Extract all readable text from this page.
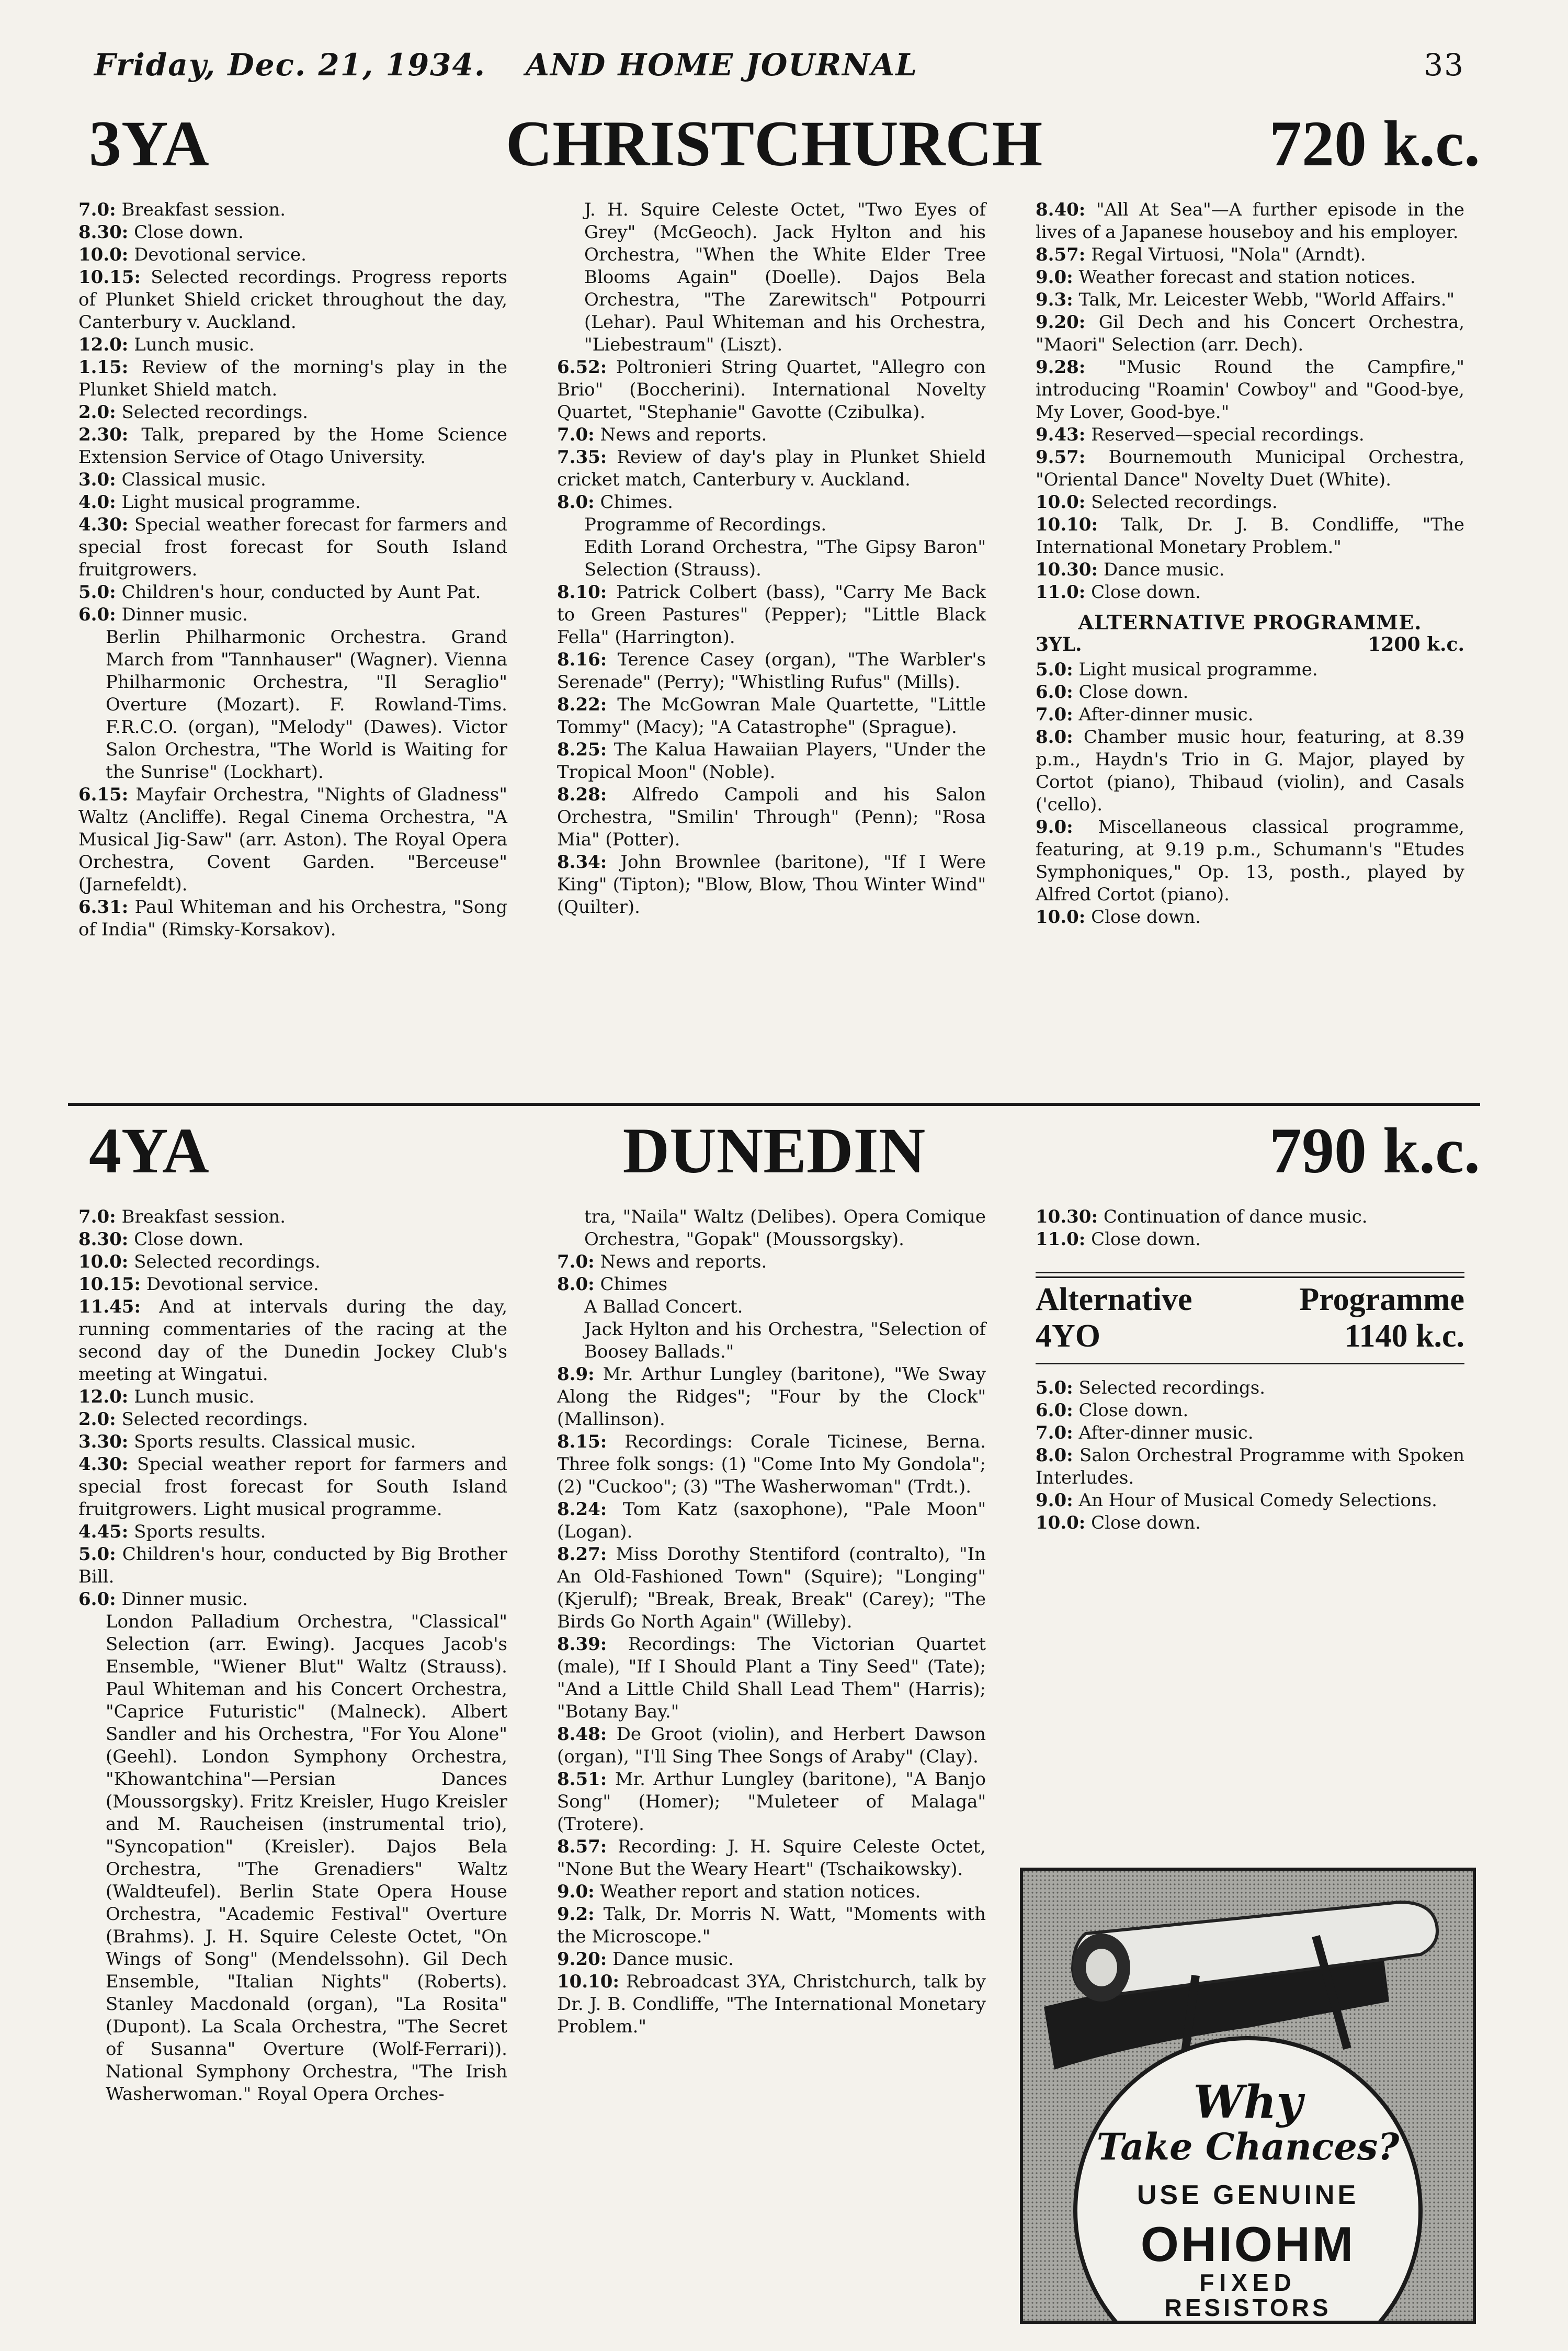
Friday, Dec. 21, 1934. AND HOME JOURNAL	33
3YA	CHRISTCHURCH	720 k.c.

7.0: Breakfast session.

8.30: Close down.

10.0: Devotional service.

10.15: Selected recordings. Progress reports of Plunket Shield cricket throughout the day, Canterbury v. Auckland.

12.0: Lunch music.

1.15: Review of the morning's play in the Plunket Shield match.

2.0: Selected recordings.

2.30: Talk, prepared by the Home Science Extension Service of Otago University.

3.0: Classical music.

4.0: Light musical programme.

4.30: Special weather forecast for farmers and special frost forecast for South Island fruitgrowers.

5.0: Children's hour, conducted by Aunt Pat.

6.0: Dinner music.

Berlin Philharmonic Orchestra. Grand March from "Tannhauser" (Wagner). Vienna Philharmonic Orchestra, "Il Seraglio" Overture (Mozart). F. Rowland-Tims. F.R.C.O. (organ), "Melody" (Dawes). Victor Salon Orchestra, "The World is Waiting for the Sunrise" (Lockhart).

6.15: Mayfair Orchestra, "Nights of Gladness" Waltz (Ancliffe). Regal Cinema Orchestra, "A Musical Jig-Saw" (arr. Aston). The Royal Opera Orchestra, Covent Garden. "Berceuse" (Jarnefeldt).

6.31: Paul Whiteman and his Orchestra, "Song of India" (Rimsky-Korsakov).

J. H. Squire Celeste Octet, "Two Eyes of Grey" (McGeoch). Jack Hylton and his Orchestra, "When the White Elder Tree Blooms Again" (Doelle). Dajos Bela Orchestra, "The Zarewitsch" Potpourri (Lehar). Paul Whiteman and his Orchestra, "Liebestraum" (Liszt).

6.52: Poltronieri String Quartet, "Allegro con Brio" (Boccherini). International Novelty Quartet, "Stephanie" Gavotte (Czibulka).

7.0: News and reports.

7.35: Review of day's play in Plunket Shield cricket match, Canterbury v. Auckland.

8.0: Chimes.

Programme of Recordings.

Edith Lorand Orchestra, "The Gipsy Baron" Selection (Strauss).

8.10: Patrick Colbert (bass), "Carry Me Back to Green Pastures" (Pepper); "Little Black Fella" (Harrington).

8.16: Terence Casey (organ), "The Warbler's Serenade" (Perry); "Whistling Rufus" (Mills).

8.22: The McGowran Male Quartette, "Little Tommy" (Macy); "A Catastrophe" (Sprague).

8.25: The Kalua Hawaiian Players, "Under the Tropical Moon" (Noble).

8.28: Alfredo Campoli and his Salon Orchestra, "Smilin' Through" (Penn); "Rosa Mia" (Potter).

8.34: John Brownlee (baritone), "If I Were King" (Tipton); "Blow, Blow, Thou Winter Wind" (Quilter).

8.40: "All At Sea"—A further episode in the lives of a Japanese houseboy and his employer.

8.57: Regal Virtuosi, "Nola" (Arndt).

9.0: Weather forecast and station notices.

9.3: Talk, Mr. Leicester Webb, "World Affairs."

9.20: Gil Dech and his Concert Orchestra, "Maori" Selection (arr. Dech).

9.28: "Music Round the Campfire," introducing "Roamin' Cowboy" and "Good-bye, My Lover, Good-bye."

9.43: Reserved—special recordings.

9.57: Bournemouth Municipal Orchestra, "Oriental Dance" Novelty Duet (White).

10.0: Selected recordings.

10.10: Talk, Dr. J. B. Condliffe, "The International Monetary Problem."

10.30: Dance music.

11.0: Close down.

ALTERNATIVE PROGRAMME.
3YL.	1200 k.c.

5.0: Light musical programme.

6.0: Close down.

7.0: After-dinner music.

8.0: Chamber music hour, featuring, at 8.39 p.m., Haydn's Trio in G. Major, played by Cortot (piano), Thibaud (violin), and Casals ('cello).

9.0: Miscellaneous classical programme, featuring, at 9.19 p.m., Schumann's "Etudes Symphoniques," Op. 13, posth., played by Alfred Cortot (piano).

10.0: Close down.

4YA	DUNEDIN	790 k.c.

7.0: Breakfast session.

8.30: Close down.

10.0: Selected recordings.

10.15: Devotional service.

11.45: And at intervals during the day, running commentaries of the racing at the second day of the Dunedin Jockey Club's meeting at Wingatui.

12.0: Lunch music.

2.0: Selected recordings.

3.30: Sports results. Classical music.

4.30: Special weather report for farmers and special frost forecast for South Island fruitgrowers. Light musical programme.

4.45: Sports results.

5.0: Children's hour, conducted by Big Brother Bill.

6.0: Dinner music.

London Palladium Orchestra, "Classical" Selection (arr. Ewing). Jacques Jacob's Ensemble, "Wiener Blut" Waltz (Strauss). Paul Whiteman and his Concert Orchestra, "Caprice Futuristic" (Malneck). Albert Sandler and his Orchestra, "For You Alone" (Geehl). London Symphony Orchestra, "Khowantchina"—Persian Dances (Moussorgsky). Fritz Kreisler, Hugo Kreisler and M. Raucheisen (instrumental trio), "Syncopation" (Kreisler). Dajos Bela Orchestra, "The Grenadiers" Waltz (Waldteufel). Berlin State Opera House Orchestra, "Academic Festival" Overture (Brahms). J. H. Squire Celeste Octet, "On Wings of Song" (Mendelssohn). Gil Dech Ensemble, "Italian Nights" (Roberts). Stanley Macdonald (organ), "La Rosita" (Dupont). La Scala Orchestra, "The Secret of Susanna" Overture (Wolf-Ferrari)). National Symphony Orchestra, "The Irish Washerwoman." Royal Opera Orches-

tra, "Naila" Waltz (Delibes). Opera Comique Orchestra, "Gopak" (Moussorgsky).

7.0: News and reports.

8.0: Chimes

A Ballad Concert.

Jack Hylton and his Orchestra, "Selection of Boosey Ballads."

8.9: Mr. Arthur Lungley (baritone), "We Sway Along the Ridges"; "Four by the Clock" (Mallinson).

8.15: Recordings: Corale Ticinese, Berna. Three folk songs: (1) "Come Into My Gondola"; (2) "Cuckoo"; (3) "The Washerwoman" (Trdt.).

8.24: Tom Katz (saxophone), "Pale Moon" (Logan).

8.27: Miss Dorothy Stentiford (contralto), "In An Old-Fashioned Town" (Squire); "Longing" (Kjerulf); "Break, Break, Break" (Carey); "The Birds Go North Again" (Willeby).

8.39: Recordings: The Victorian Quartet (male), "If I Should Plant a Tiny Seed" (Tate); "And a Little Child Shall Lead Them" (Harris); "Botany Bay."

8.48: De Groot (violin), and Herbert Dawson (organ), "I'll Sing Thee Songs of Araby" (Clay).

8.51: Mr. Arthur Lungley (baritone), "A Banjo Song" (Homer); "Muleteer of Malaga" (Trotere).

8.57: Recording: J. H. Squire Celeste Octet, "None But the Weary Heart" (Tschaikowsky).

9.0: Weather report and station notices.

9.2: Talk, Dr. Morris N. Watt, "Moments with the Microscope."

9.20: Dance music.

10.10: Rebroadcast 3YA, Christchurch, talk by Dr. J. B. Condliffe, "The International Monetary Problem."

10.30: Continuation of dance music.

11.0: Close down.

Alternative	Programme
4YO	1140 k.c.

5.0: Selected recordings.

6.0: Close down.

7.0: After-dinner music.

8.0: Salon Orchestral Programme with Spoken Interludes.

9.0: An Hour of Musical Comedy Selections.

10.0: Close down.

Why
Take Chances?
USE GENUINE
OHIOHM
FIXED
RESISTORS
